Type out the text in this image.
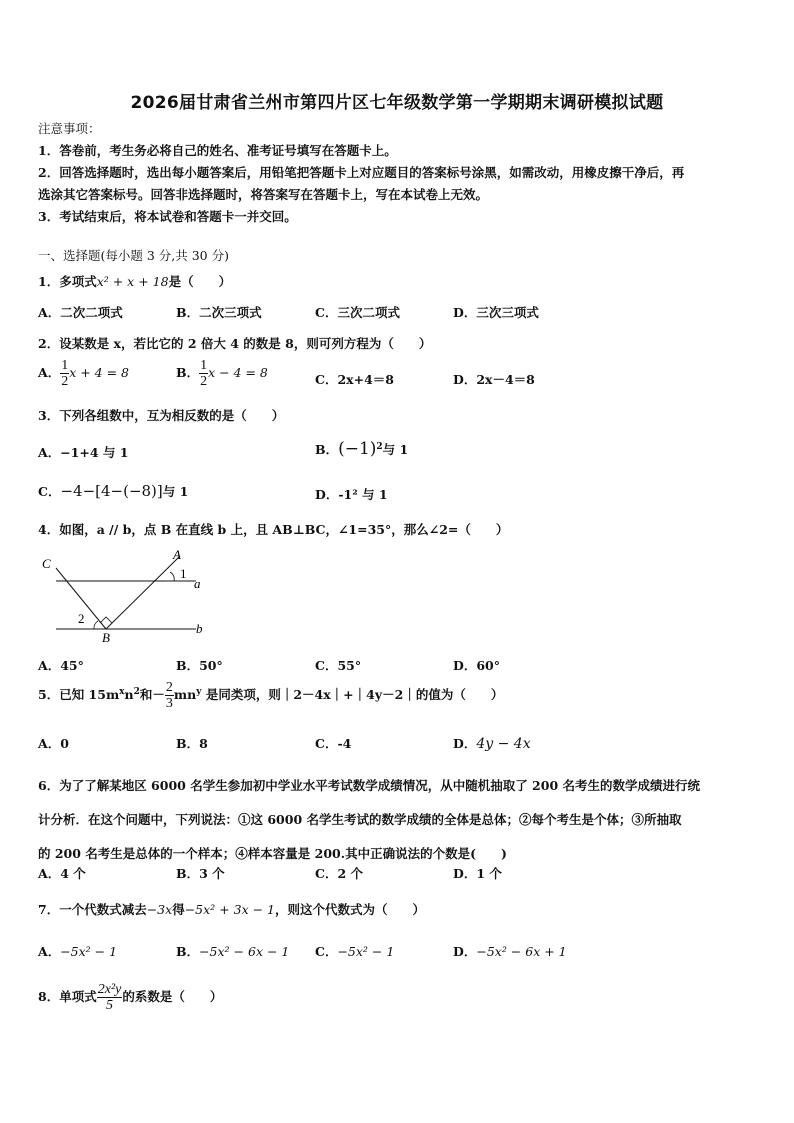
2026届甘肃省兰州市第四片区七年级数学第一学期期末调研模拟试题
注意事项：
1．答卷前，考生务必将自己的姓名、准考证号填写在答题卡上。
2．回答选择题时，选出每小题答案后，用铅笔把答题卡上对应题目的答案标号涂黑，如需改动，用橡皮擦干净后，再
选涂其它答案标号。回答非选择题时，将答案写在答题卡上，写在本试卷上无效。
3．考试结束后，将本试卷和答题卡一并交回。
一、选择题(每小题 3 分,共 30 分)
1．多项式x² + x + 18是（　　）
A．二次二项式	B．二次三项式	C．三次二项式	D．三次三项式
2．设某数是 x，若比它的 2 倍大 4 的数是 8，则可列方程为（　　）
A． $\frac{1}{2}$ x + 4 = 8	B． $\frac{1}{2}$ x − 4 = 8	C．2x+4＝8	D．2x－4＝8
3．下列各组数中，互为相反数的是（　　）
A．−1+4 与 1	B．$(-1)^2$与 1
C．−4−[4−(−8)]与 1	D．-1² 与 1
4．如图，a // b，点 B 在直线 b 上，且 AB⊥BC，∠1=35°，那么∠2=（　　）
C
A
1
a
2
B
b
A．45°	B．50°	C．55°	D．60°
5．已知 $15m^xn^2$和－ $\frac{2}{3} mn^y$ 是同类项，则｜2－4x｜+｜4y－2｜的值为（　　）
A．0	B．8	C．-4	D．4y − 4x
6．为了了解某地区 6000 名学生参加初中学业水平考试数学成绩情况，从中随机抽取了 200 名考生的数学成绩进行统
计分析．在这个问题中，下列说法：①这 6000 名学生考试的数学成绩的全体是总体；②每个考生是个体；③所抽取
的 200 名考生是总体的一个样本；④样本容量是 200.其中正确说法的个数是(　　)
A．4 个	B．3 个	C．2 个	D．1 个
7．一个代数式减去−3x得−5x² + 3x − 1，则这个代数式为（　　）
A．−5x² − 1	B．−5x² − 6x − 1 C．−5x² − 1	D．−5x² − 6x + 1
8．单项式 $\frac{\text{2x²y}}{5}$ 的系数是（　　）
